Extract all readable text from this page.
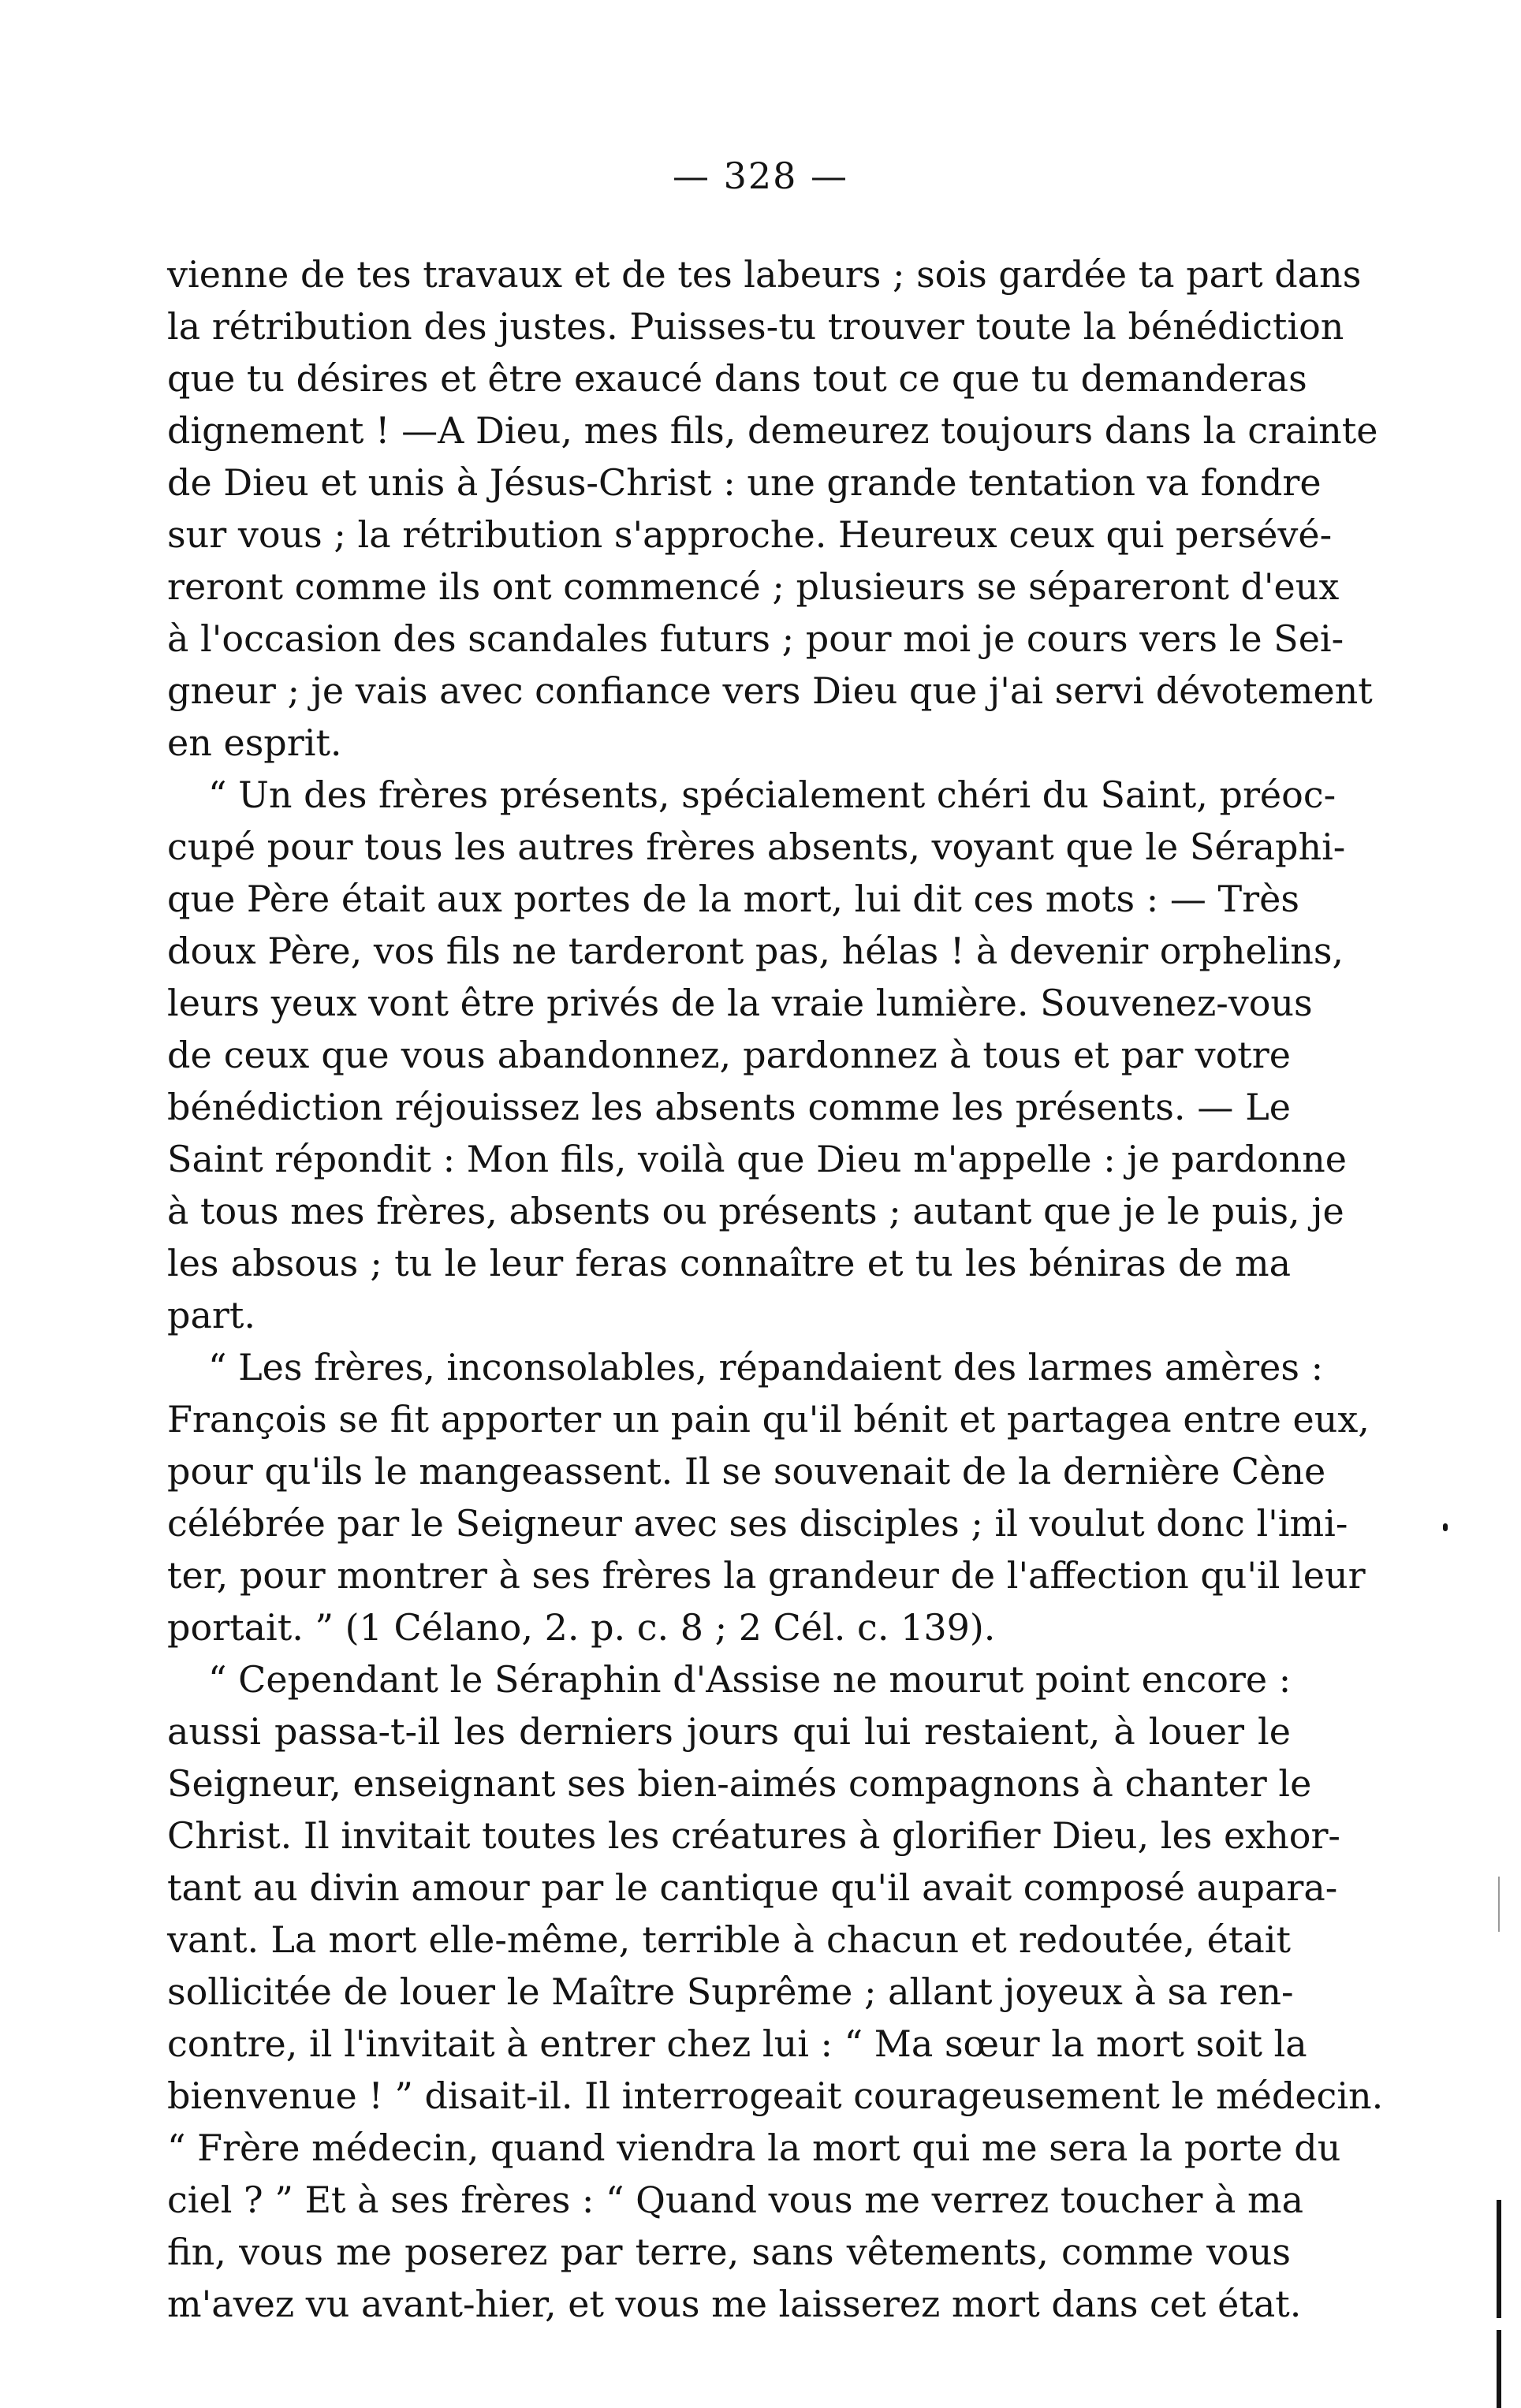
— 328 —
vienne de tes travaux et de tes labeurs ; sois gardée ta part dans
la rétribution des justes. Puisses-tu trouver toute la bénédiction
que tu désires et être exaucé dans tout ce que tu demanderas
dignement ! —A Dieu, mes fils, demeurez toujours dans la crainte
de Dieu et unis à Jésus-Christ : une grande tentation va fondre
sur vous ; la rétribution s'approche. Heureux ceux qui persévé-
reront comme ils ont commencé ; plusieurs se sépareront d'eux
à l'occasion des scandales futurs ; pour moi je cours vers le Sei-
gneur ; je vais avec confiance vers Dieu que j'ai servi dévotement
en esprit.
“ Un des frères présents, spécialement chéri du Saint, préoc-
cupé pour tous les autres frères absents, voyant que le Séraphi-
que Père était aux portes de la mort, lui dit ces mots : — Très
doux Père, vos fils ne tarderont pas, hélas ! à devenir orphelins,
leurs yeux vont être privés de la vraie lumière. Souvenez-vous
de ceux que vous abandonnez, pardonnez à tous et par votre
bénédiction réjouissez les absents comme les présents. — Le
Saint répondit : Mon fils, voilà que Dieu m'appelle : je pardonne
à tous mes frères, absents ou présents ; autant que je le puis, je
les absous ; tu le leur feras connaître et tu les béniras de ma
part.
“ Les frères, inconsolables, répandaient des larmes amères :
François se fit apporter un pain qu'il bénit et partagea entre eux,
pour qu'ils le mangeassent. Il se souvenait de la dernière Cène
célébrée par le Seigneur avec ses disciples ; il voulut donc l'imi-
ter, pour montrer à ses frères la grandeur de l'affection qu'il leur
portait. ” (1 Célano, 2. p. c. 8 ; 2 Cél. c. 139).
“ Cependant le Séraphin d'Assise ne mourut point encore :
aussi passa-t-il les derniers jours qui lui restaient, à louer le
Seigneur, enseignant ses bien-aimés compagnons à chanter le
Christ. Il invitait toutes les créatures à glorifier Dieu, les exhor-
tant au divin amour par le cantique qu'il avait composé aupara-
vant. La mort elle-même, terrible à chacun et redoutée, était
sollicitée de louer le Maître Suprême ; allant joyeux à sa ren-
contre, il l'invitait à entrer chez lui : “ Ma sœur la mort soit la
bienvenue ! ” disait-il. Il interrogeait courageusement le médecin.
“ Frère médecin, quand viendra la mort qui me sera la porte du
ciel ? ” Et à ses frères : “ Quand vous me verrez toucher à ma
fin, vous me poserez par terre, sans vêtements, comme vous
m'avez vu avant-hier, et vous me laisserez mort dans cet état.
